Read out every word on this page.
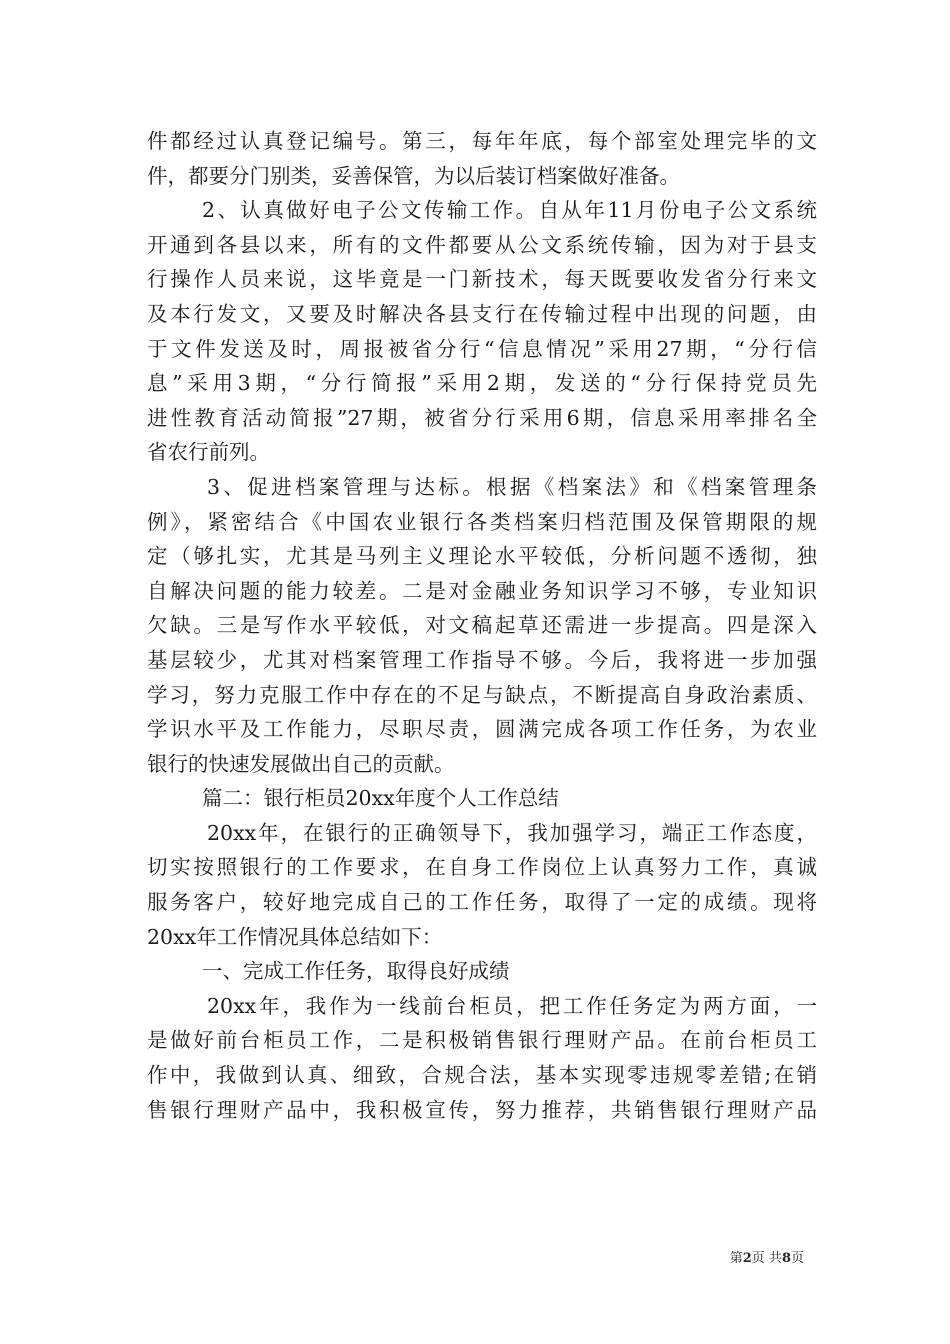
件都经过认真登记编号。第三，每年年底，每个部室处理完毕的文
件，都要分门别类，妥善保管，为以后装订档案做好准备。
2、认真做好电子公文传输工作。自从年11月份电子公文系统
开通到各县以来，所有的文件都要从公文系统传输，因为对于县支
行操作人员来说，这毕竟是一门新技术，每天既要收发省分行来文
及本行发文，又要及时解决各县支行在传输过程中出现的问题，由
于文件发送及时，周报被省分行“信息情况”采用27期，“分行信
息”采用3期，“分行简报”采用2期，发送的“分行保持党员先
进性教育活动简报”27期，被省分行采用6期，信息采用率排名全
省农行前列。
3、促进档案管理与达标。根据《档案法》和《档案管理条
例》，紧密结合《中国农业银行各类档案归档范围及保管期限的规
定（够扎实，尤其是马列主义理论水平较低，分析问题不透彻，独
自解决问题的能力较差。二是对金融业务知识学习不够，专业知识
欠缺。三是写作水平较低，对文稿起草还需进一步提高。四是深入
基层较少，尤其对档案管理工作指导不够。今后，我将进一步加强
学习，努力克服工作中存在的不足与缺点，不断提高自身政治素质、
学识水平及工作能力，尽职尽责，圆满完成各项工作任务，为农业
银行的快速发展做出自己的贡献。
篇二：银行柜员20xx年度个人工作总结
20xx年，在银行的正确领导下，我加强学习，端正工作态度，
切实按照银行的工作要求，在自身工作岗位上认真努力工作，真诚
服务客户，较好地完成自己的工作任务，取得了一定的成绩。现将
20xx年工作情况具体总结如下：
一、完成工作任务，取得良好成绩
20xx年，我作为一线前台柜员，把工作任务定为两方面，一
是做好前台柜员工作，二是积极销售银行理财产品。在前台柜员工
作中，我做到认真、细致，合规合法，基本实现零违规零差错;在销
售银行理财产品中，我积极宣传，努力推荐，共销售银行理财产品
第2页 共8页
